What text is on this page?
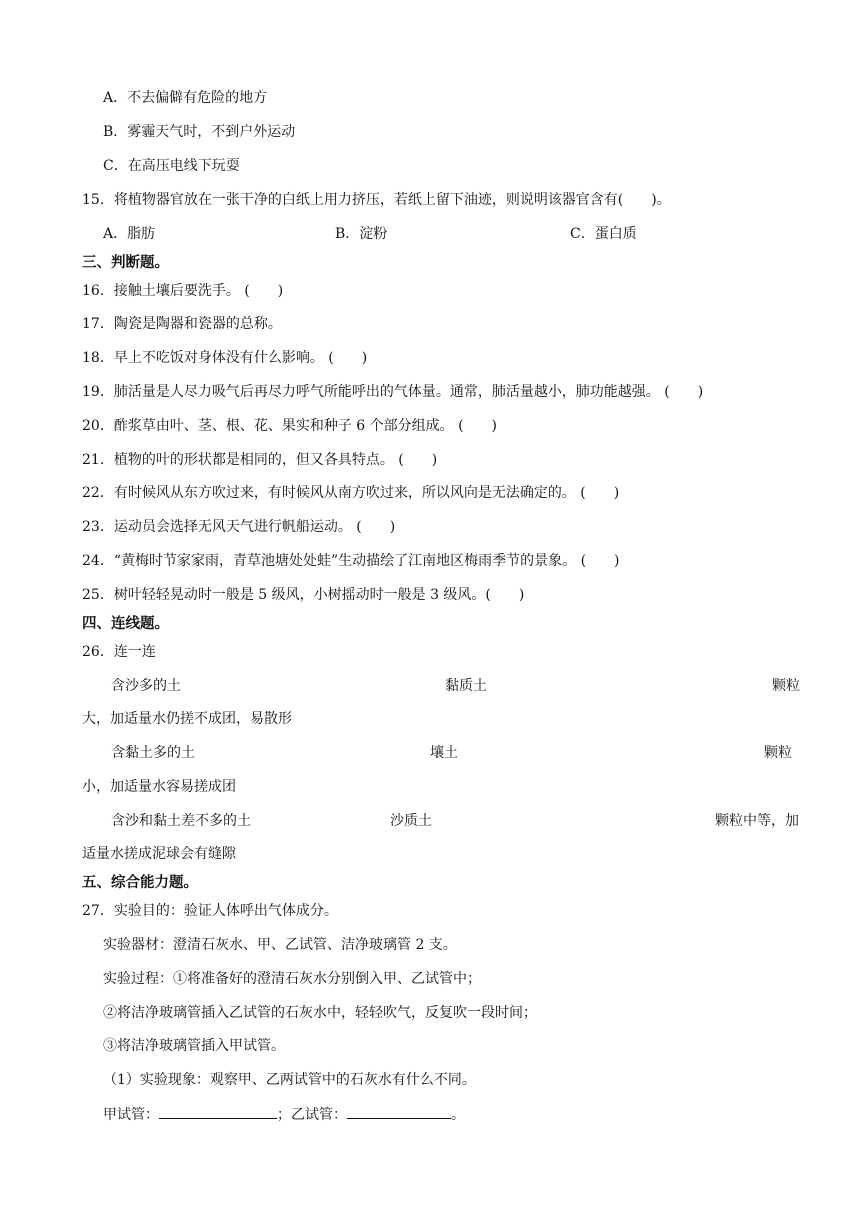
A．不去偏僻有危险的地方
B．雾霾天气时，不到户外运动
C．在高压电线下玩耍
15．将植物器官放在一张干净的白纸上用力挤压，若纸上留下油迹，则说明该器官含有(　　)。
A．脂肪	B．淀粉	C．蛋白质
三、判断题。
16．接触土壤后要洗手。 (　　)
17．陶瓷是陶器和瓷器的总称。
18．早上不吃饭对身体没有什么影响。 (　　)
19．肺活量是人尽力吸气后再尽力呼气所能呼出的气体量。通常，肺活量越小，肺功能越强。 (　　)
20．酢浆草由叶、茎、根、花、果实和种子 6 个部分组成。 (　　)
21．植物的叶的形状都是相同的，但又各具特点。 (　　)
22．有时候风从东方吹过来，有时候风从南方吹过来，所以风向是无法确定的。 (　　)
23．运动员会选择无风天气进行帆船运动。 (　　)
24．“黄梅时节家家雨，青草池塘处处蛙”生动描绘了江南地区梅雨季节的景象。 (　　)
25．树叶轻轻晃动时一般是 5 级风，小树摇动时一般是 3 级风。(　　)
四、连线题。
26．连一连
含沙多的土	黏质土	颗粒
大，加适量水仍搓不成团，易散形
含黏土多的土	壤土	颗粒
小，加适量水容易搓成团
含沙和黏土差不多的土	沙质土	颗粒中等，加
适量水搓成泥球会有缝隙
五、综合能力题。
27．实验目的：验证人体呼出气体成分。
实验器材：澄清石灰水、甲、乙试管、洁净玻璃管 2 支。
实验过程：①将准备好的澄清石灰水分别倒入甲、乙试管中；
②将洁净玻璃管插入乙试管的石灰水中，轻轻吹气，反复吹一段时间；
③将洁净玻璃管插入甲试管。
（1）实验现象：观察甲、乙两试管中的石灰水有什么不同。
甲试管：	；乙试管：	。
